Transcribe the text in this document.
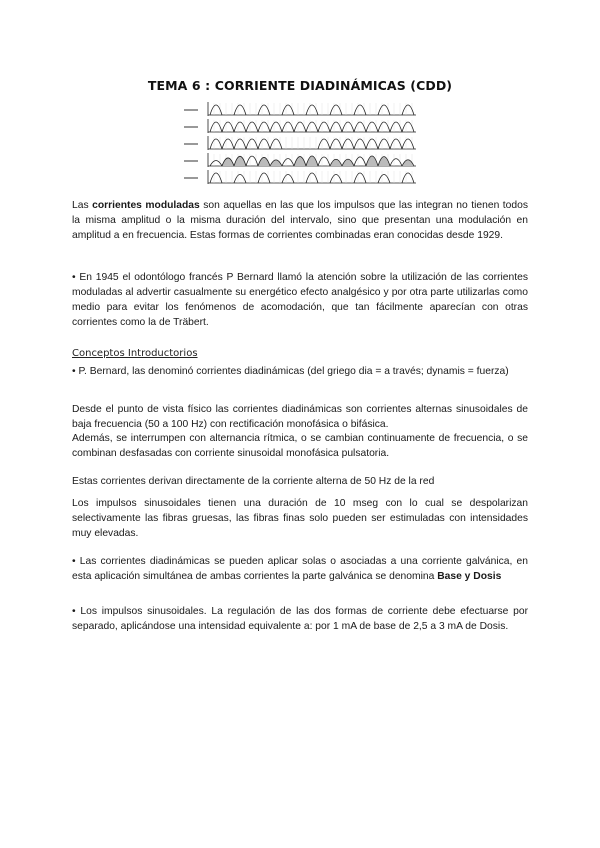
TEMA 6 : CORRIENTE DIADINÁMICAS (CDD)
Las corrientes moduladas son aquellas en las que los impulsos que las integran no tienen todos la misma amplitud o la misma duración del intervalo, sino que presentan una modulación en amplitud a en frecuencia. Estas formas de corrientes combinadas eran conocidas desde 1929.
• En 1945 el odontólogo francés P Bernard llamó la atención sobre la utilización de las corrientes moduladas al advertir casualmente su energético efecto analgésico y por otra parte utilizarlas como medio para evitar los fenómenos de acomodación, que tan fácilmente aparecían con otras corrientes como la de Träbert.
Conceptos Introductorios
• P. Bernard, las denominó corrientes diadinámicas (del griego dia = a través; dynamis = fuerza)
Desde el punto de vista físico las corrientes diadinámicas son corrientes alternas sinusoidales de baja frecuencia (50 a 100 Hz) con rectificación monofásica o bifásica.
Además, se interrumpen con alternancia rítmica, o se cambian continuamente de frecuencia, o se combinan desfasadas con corriente sinusoidal monofásica pulsatoria.
Estas corrientes derivan directamente de la corriente alterna de 50 Hz de la red
Los impulsos sinusoidales tienen una duración de 10 mseg con lo cual se despolarizan selectivamente las fibras gruesas, las fibras finas solo pueden ser estimuladas con intensidades muy elevadas.
• Las corrientes diadinámicas se pueden aplicar solas o asociadas a una corriente galvánica, en esta aplicación simultánea de ambas corrientes la parte galvánica se denomina Base y Dosis
• Los impulsos sinusoidales. La regulación de las dos formas de corriente debe efectuarse por separado, aplicándose una intensidad equivalente a: por 1 mA de base de 2,5 a 3 mA de Dosis.
